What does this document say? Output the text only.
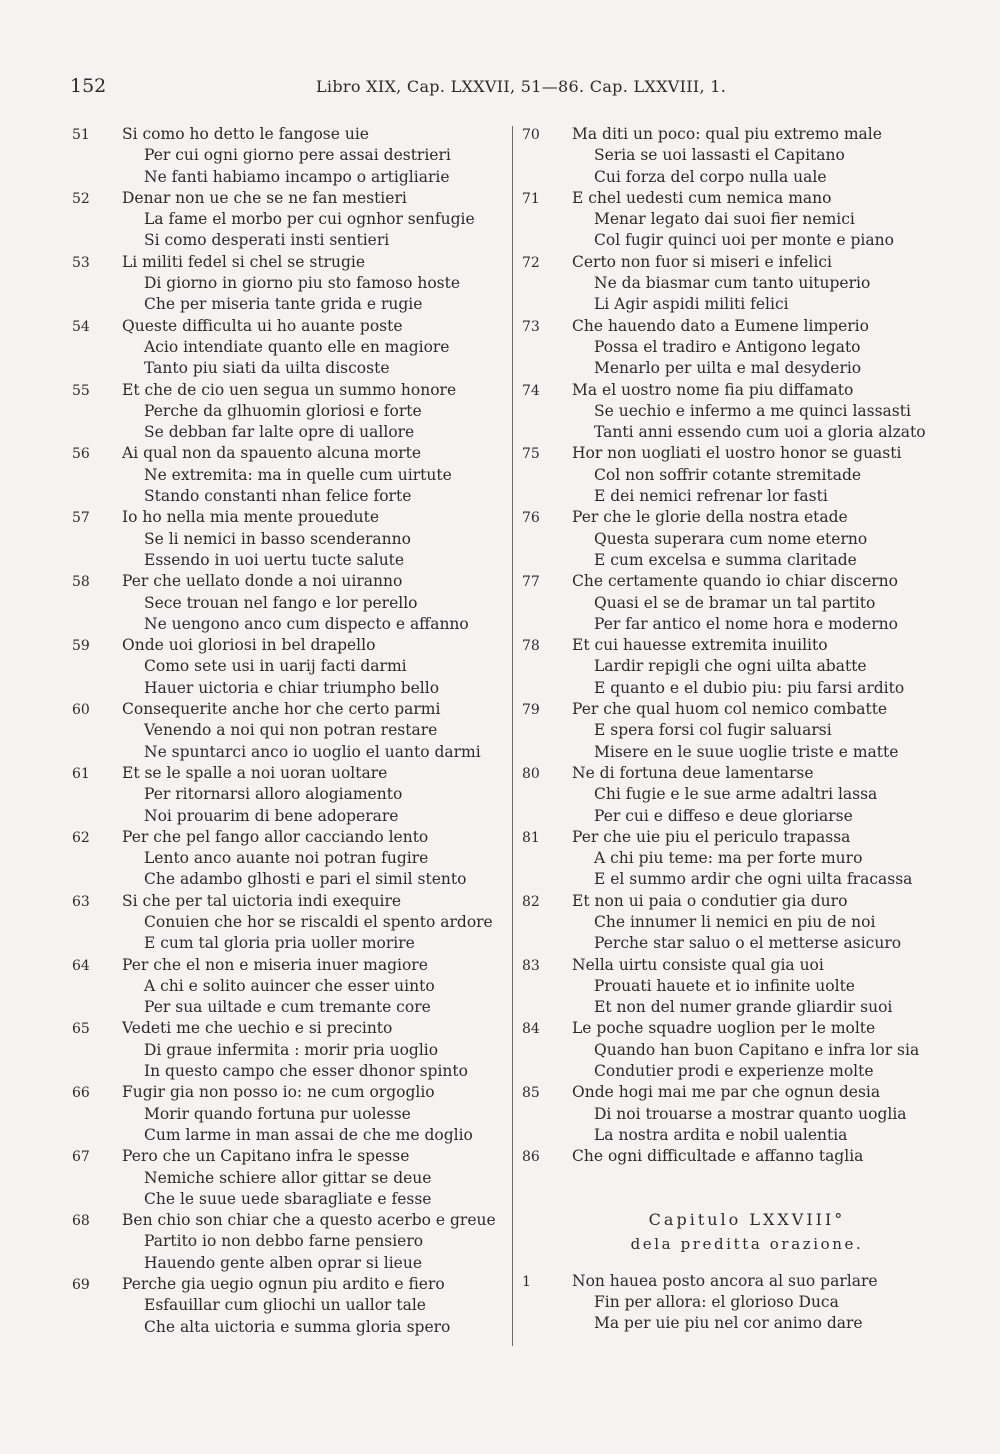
152	Libro XIX, Cap. LXXVII, 51—86. Cap. LXXVIII, 1.
51	Si como ho detto le fangose uie
Per cui ogni giorno pere assai destrieri
Ne fanti habiamo incampo o artigliarie
52	Denar non ue che se ne fan mestieri
La fame el morbo per cui ognhor senfugie
Si como desperati insti sentieri
53	Li militi fedel si chel se strugie
Di giorno in giorno piu sto famoso hoste
Che per miseria tante grida e rugie
54	Queste difficulta ui ho auante poste
Acio intendiate quanto elle en magiore
Tanto piu siati da uilta discoste
55	Et che de cio uen segua un summo honore
Perche da glhuomin gloriosi e forte
Se debban far lalte opre di uallore
56	Ai qual non da spauento alcuna morte
Ne extremita: ma in quelle cum uirtute
Stando constanti nhan felice forte
57	Io ho nella mia mente prouedute
Se li nemici in basso scenderanno
Essendo in uoi uertu tucte salute
58	Per che uellato donde a noi uiranno
Sece trouan nel fango e lor perello
Ne uengono anco cum dispecto e affanno
59	Onde uoi gloriosi in bel drapello
Como sete usi in uarij facti darmi
Hauer uictoria e chiar triumpho bello
60	Consequerite anche hor che certo parmi
Venendo a noi qui non potran restare
Ne spuntarci anco io uoglio el uanto darmi
61	Et se le spalle a noi uoran uoltare
Per ritornarsi alloro alogiamento
Noi prouarim di bene adoperare
62	Per che pel fango allor cacciando lento
Lento anco auante noi potran fugire
Che adambo glhosti e pari el simil stento
63	Si che per tal uictoria indi exequire
Conuien che hor se riscaldi el spento ardore
E cum tal gloria pria uoller morire
64	Per che el non e miseria inuer magiore
A chi e solito auincer che esser uinto
Per sua uiltade e cum tremante core
65	Vedeti me che uechio e si precinto
Di graue infermita : morir pria uoglio
In questo campo che esser dhonor spinto
66	Fugir gia non posso io: ne cum orgoglio
Morir quando fortuna pur uolesse
Cum larme in man assai de che me doglio
67	Pero che un Capitano infra le spesse
Nemiche schiere allor gittar se deue
Che le suue uede sbaragliate e fesse
68	Ben chio son chiar che a questo acerbo e greue
Partito io non debbo farne pensiero
Hauendo gente alben oprar si lieue
69	Perche gia uegio ognun piu ardito e fiero
Esfauillar cum gliochi un uallor tale
Che alta uictoria e summa gloria spero
70	Ma diti un poco: qual piu extremo male
Seria se uoi lassasti el Capitano
Cui forza del corpo nulla uale
71	E chel uedesti cum nemica mano
Menar legato dai suoi fier nemici
Col fugir quinci uoi per monte e piano
72	Certo non fuor si miseri e infelici
Ne da biasmar cum tanto uituperio
Li Agir aspidi militi felici
73	Che hauendo dato a Eumene limperio
Possa el tradiro e Antigono legato
Menarlo per uilta e mal desyderio
74	Ma el uostro nome fia piu diffamato
Se uechio e infermo a me quinci lassasti
Tanti anni essendo cum uoi a gloria alzato
75	Hor non uogliati el uostro honor se guasti
Col non soffrir cotante stremitade
E dei nemici refrenar lor fasti
76	Per che le glorie della nostra etade
Questa superara cum nome eterno
E cum excelsa e summa claritade
77	Che certamente quando io chiar discerno
Quasi el se de bramar un tal partito
Per far antico el nome hora e moderno
78	Et cui hauesse extremita inuilito
Lardir repigli che ogni uilta abatte
E quanto e el dubio piu: piu farsi ardito
79	Per che qual huom col nemico combatte
E spera forsi col fugir saluarsi
Misere en le suue uoglie triste e matte
80	Ne di fortuna deue lamentarse
Chi fugie e le sue arme adaltri lassa
Per cui e diffeso e deue gloriarse
81	Per che uie piu el periculo trapassa
A chi piu teme: ma per forte muro
E el summo ardir che ogni uilta fracassa
82	Et non ui paia o condutier gia duro
Che innumer li nemici en piu de noi
Perche star saluo o el metterse asicuro
83	Nella uirtu consiste qual gia uoi
Prouati hauete et io infinite uolte
Et non del numer grande gliardir suoi
84	Le poche squadre uoglion per le molte
Quando han buon Capitano e infra lor sia
Condutier prodi e experienze molte
85	Onde hogi mai me par che ognun desia
Di noi trouarse a mostrar quanto uoglia
La nostra ardita e nobil ualentia
86	Che ogni difficultade e affanno taglia
Capitulo LXXVIII°
dela preditta orazione.
1	Non hauea posto ancora al suo parlare
Fin per allora: el glorioso Duca
Ma per uie piu nel cor animo dare
